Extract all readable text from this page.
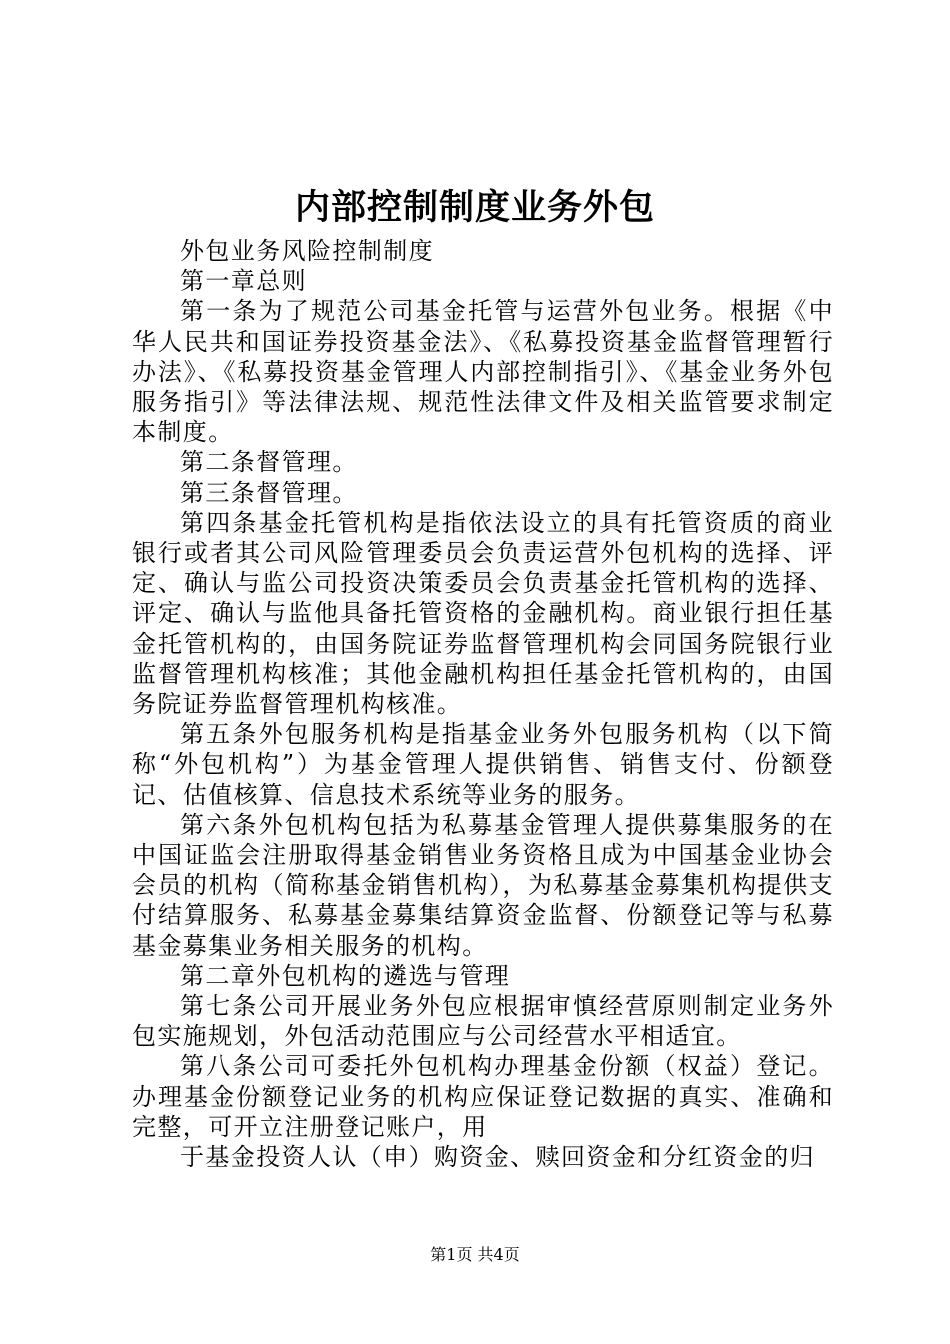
内部控制制度业务外包

外包业务风险控制制度

第一章总则

第一条为了规范公司基金托管与运营外包业务。根据《中华人民共和国证券投资基金法》、《私募投资基金监督管理暂行办法》、《私募投资基金管理人内部控制指引》、《基金业务外包服务指引》等法律法规、规范性法律文件及相关监管要求制定本制度。

第二条督管理。

第三条督管理。

第四条基金托管机构是指依法设立的具有托管资质的商业银行或者其公司风险管理委员会负责运营外包机构的选择、评定、确认与监公司投资决策委员会负责基金托管机构的选择、评定、确认与监他具备托管资格的金融机构。商业银行担任基金托管机构的，由国务院证券监督管理机构会同国务院银行业监督管理机构核准；其他金融机构担任基金托管机构的，由国务院证券监督管理机构核准。

第五条外包服务机构是指基金业务外包服务机构（以下简称“外包机构”）为基金管理人提供销售、销售支付、份额登记、估值核算、信息技术系统等业务的服务。

第六条外包机构包括为私募基金管理人提供募集服务的在中国证监会注册取得基金销售业务资格且成为中国基金业协会会员的机构（简称基金销售机构），为私募基金募集机构提供支付结算服务、私募基金募集结算资金监督、份额登记等与私募基金募集业务相关服务的机构。

第二章外包机构的遴选与管理

第七条公司开展业务外包应根据审慎经营原则制定业务外包实施规划，外包活动范围应与公司经营水平相适宜。

第八条公司可委托外包机构办理基金份额（权益）登记。办理基金份额登记业务的机构应保证登记数据的真实、准确和完整，可开立注册登记账户，用

于基金投资人认（申）购资金、赎回资金和分红资金的归

第1页 共4页
